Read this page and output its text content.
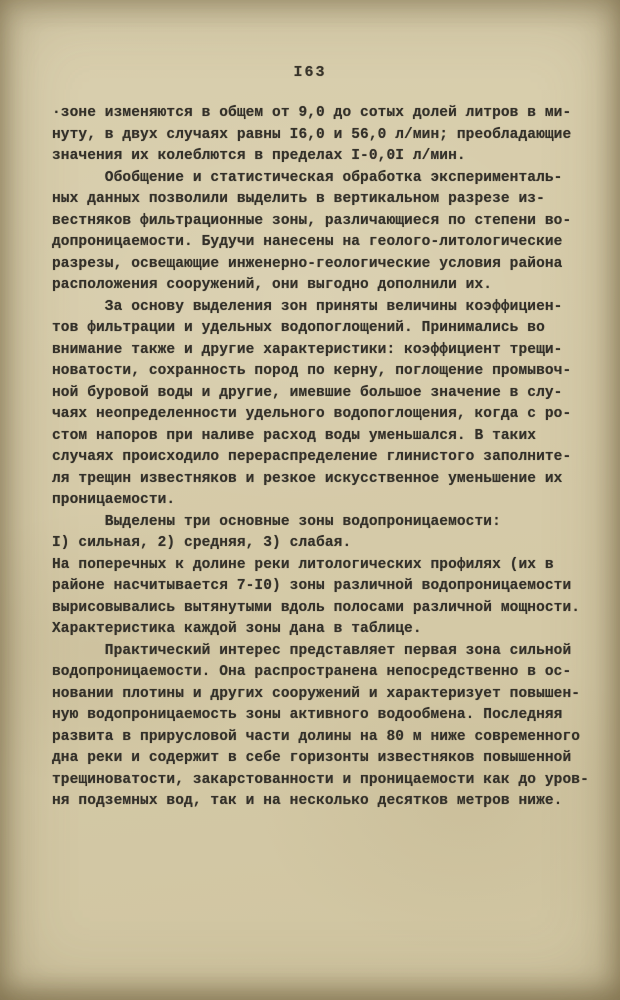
I63
·зоне изменяются в общем от 9,0 до сотых долей литров в ми-
нуту, в двух случаях равны I6,0 и 56,0 л/мин; преобладающие
значения их колеблются в пределах I-0,0I л/мин.
Обобщение и статистическая обработка эксперименталь-
ных данных позволили выделить в вертикальном разрезе из-
вестняков фильтрационные зоны, различающиеся по степени во-
допроницаемости. Будучи нанесены на геолого-литологические
разрезы, освещающие инженерно-геологические условия района
расположения сооружений, они выгодно дополнили их.
За основу выделения зон приняты величины коэффициен-
тов фильтрации и удельных водопоглощений. Принимались во
внимание также и другие характеристики: коэффициент трещи-
новатости, сохранность пород по керну, поглощение промывоч-
ной буровой воды и другие, имевшие большое значение в слу-
чаях неопределенности удельного водопоглощения, когда с ро-
стом напоров при наливе расход воды уменьшался. В таких
случаях происходило перераспределение глинистого заполните-
ля трещин известняков и резкое искусственное уменьшение их
проницаемости.
Выделены три основные зоны водопроницаемости:
I) сильная, 2) средняя, 3) слабая.
На поперечных к долине реки литологических профилях (их в
районе насчитывается 7-I0) зоны различной водопроницаемости
вырисовывались вытянутыми вдоль полосами различной мощности.
Характеристика каждой зоны дана в таблице.
Практический интерес представляет первая зона сильной
водопроницаемости. Она распространена непосредственно в ос-
новании плотины и других сооружений и характеризует повышен-
ную водопроницаемость зоны активного водообмена. Последняя
развита в прирусловой части долины на 80 м ниже современного
дна реки и содержит в себе горизонты известняков повышенной
трещиноватости, закарстованности и проницаемости как до уров-
ня подземных вод, так и на несколько десятков метров ниже.
